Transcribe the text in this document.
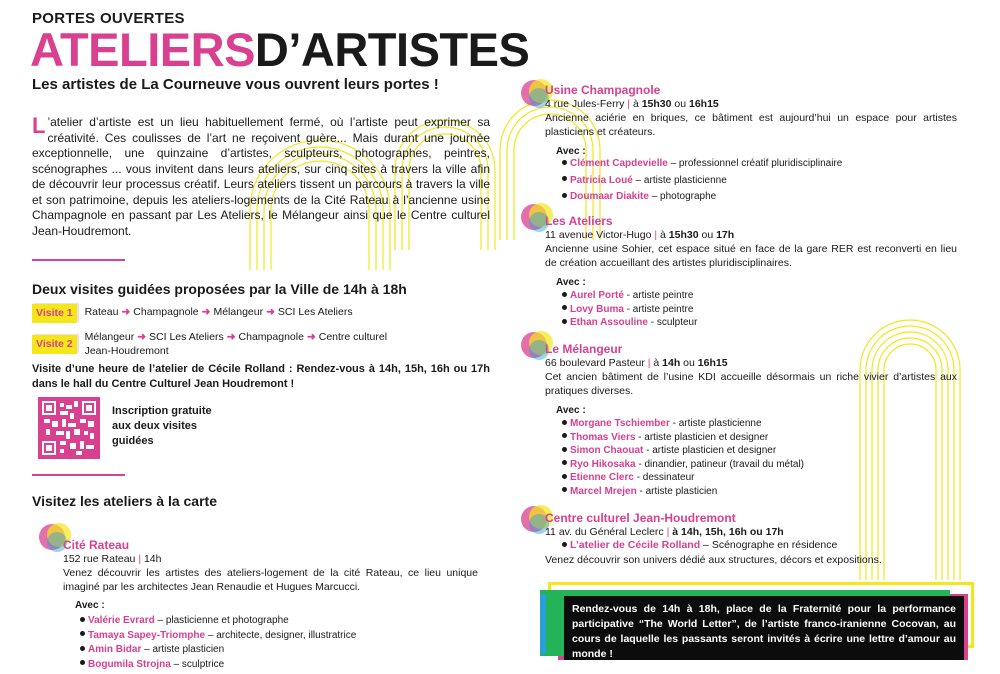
PORTES OUVERTES
ATELIERSD’ARTISTES
Les artistes de La Courneuve vous ouvrent leurs portes !
L ’atelier d’artiste est un lieu habituellement fermé, où l’artiste peut exprimer sa créativité. Ces coulisses de l’art ne reçoivent guère... Mais durant une journée exceptionnelle, une quinzaine d’artistes, sculpteurs, photographes, peintres, scénographes ... vous invitent dans leurs ateliers, sur cinq sites à travers la ville afin de découvrir leur processus créatif. Leurs ateliers tissent un parcours à travers la ville et son patrimoine, depuis les ateliers-logements de la Cité Rateau à l’ancienne usine Champagnole en passant par Les Ateliers, le Mélangeur ainsi que le Centre culturel Jean-Houdremont.
Deux visites guidées proposées par la Ville de 14h à 18h
Visite 1	Rateau ➜ Champagnole ➜ Mélangeur ➜ SCI Les Ateliers
Visite 2
Mélangeur ➜ SCI Les Ateliers ➜ Champagnole ➜ Centre culturel
Jean-Houdremont
Visite d’une heure de l’atelier de Cécile Rolland : Rendez-vous à 14h, 15h, 16h ou 17h dans le hall du Centre Culturel Jean Houdremont !
Inscription gratuite aux deux visites guidées
Visitez les ateliers à la carte
Cité Rateau
152 rue Rateau | 14h
Venez découvrir les artistes des ateliers-logement de la cité Rateau, ce lieu unique imaginé par les architectes Jean Renaudie et Hugues Marcucci.
Avec :
Valérie Evrard – plasticienne et photographe
Tamaya Sapey-Triomphe – architecte, designer, illustratrice
Amin Bidar – artiste plasticien
Bogumila Strojna – sculptrice
Usine Champagnole
4 rue Jules-Ferry | à 15h30 ou 16h15
Ancienne aciérie en briques, ce bâtiment est aujourd’hui un espace pour artistes plasticiens et créateurs.
Avec :
Clément Capdevielle – professionnel créatif pluridisciplinaire
Patricia Loué – artiste plasticienne
Doumaar Diakite – photographe
Les Ateliers
11 avenue Victor-Hugo | à 15h30 ou 17h
Ancienne usine Sohier, cet espace situé en face de la gare RER est reconverti en lieu de création accueillant des artistes pluridisciplinaires.
Avec :
Aurel Porté - artiste peintre
Lovy Buma - artiste peintre
Ethan Assouline - sculpteur
Le Mélangeur
66 boulevard Pasteur | à 14h ou 16h15
Cet ancien bâtiment de l’usine KDI accueille désormais un riche vivier d’artistes aux pratiques diverses.
Avec :
Morgane Tschiember - artiste plasticienne
Thomas Viers - artiste plasticien et designer
Simon Chaouat - artiste plasticien et designer
Ryo Hikosaka - dinandier, patineur (travail du métal)
Etienne Clerc - dessinateur
Marcel Mrejen - artiste plasticien
Centre culturel Jean-Houdremont
11 av. du Général Leclerc | à 14h, 15h, 16h ou 17h
L’atelier de Cécile Rolland – Scénographe en résidence
Venez découvrir son univers dédié aux structures, décors et expositions.
Rendez-vous de 14h à 18h, place de la Fraternité pour la performance participative “The World Letter”, de l’artiste franco-iranienne Cocovan, au cours de laquelle les passants seront invités à écrire une lettre d’amour au monde !
